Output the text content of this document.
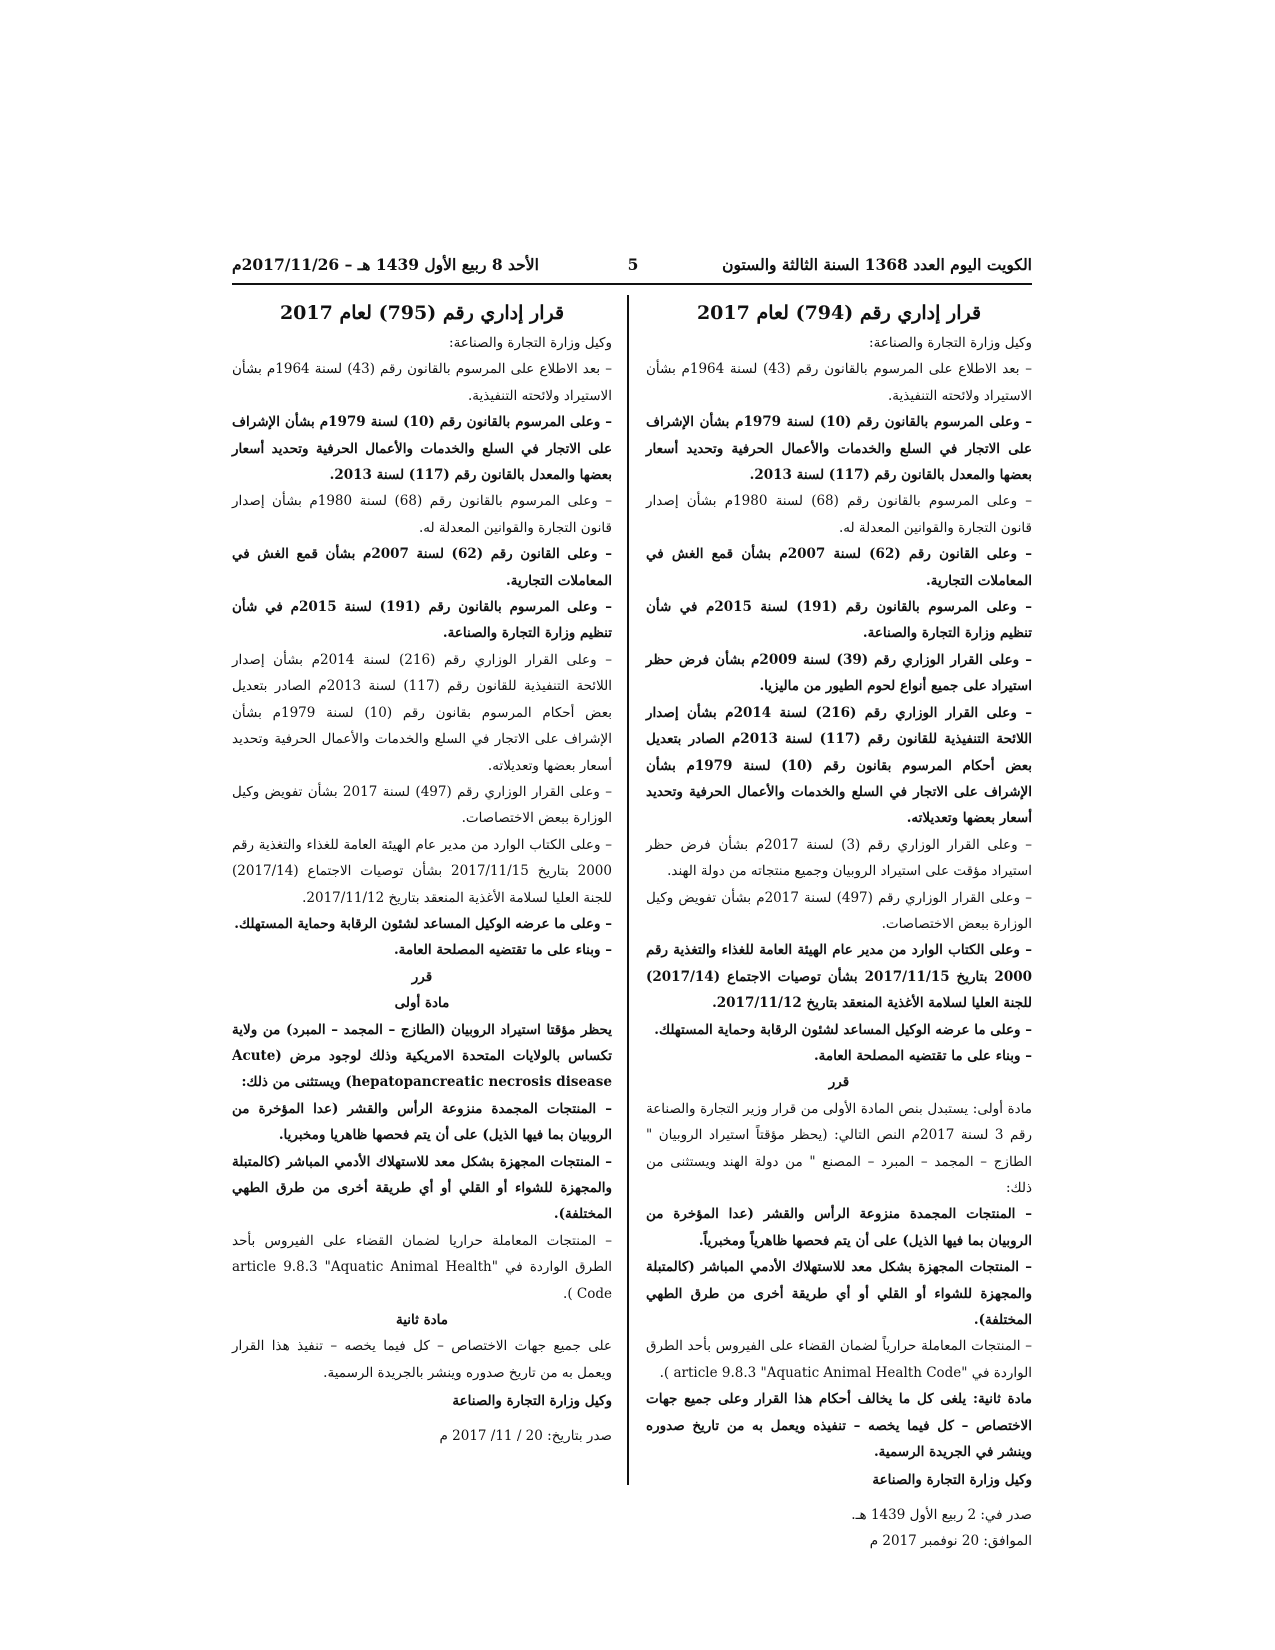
الكويت اليوم العدد 1368 السنة الثالثة والستون
5
الأحد 8 ربيع الأول 1439 هـ – 2017/11/26م

قرار إداري رقم (794) لعام 2017

وكيل وزارة التجارة والصناعة:

– بعد الاطلاع على المرسوم بالقانون رقم (43) لسنة 1964م بشأن الاستيراد ولائحته التنفيذية.

– وعلى المرسوم بالقانون رقم (10) لسنة 1979م بشأن الإشراف على الاتجار في السلع والخدمات والأعمال الحرفية وتحديد أسعار بعضها والمعدل بالقانون رقم (117) لسنة 2013.

– وعلى المرسوم بالقانون رقم (68) لسنة 1980م بشأن إصدار قانون التجارة والقوانين المعدلة له.

– وعلى القانون رقم (62) لسنة 2007م بشأن قمع الغش في المعاملات التجارية.

– وعلى المرسوم بالقانون رقم (191) لسنة 2015م في شأن تنظيم وزارة التجارة والصناعة.

– وعلى القرار الوزاري رقم (39) لسنة 2009م بشأن فرض حظر استيراد على جميع أنواع لحوم الطيور من ماليزيا.

– وعلى القرار الوزاري رقم (216) لسنة 2014م بشأن إصدار اللائحة التنفيذية للقانون رقم (117) لسنة 2013م الصادر بتعديل بعض أحكام المرسوم بقانون رقم (10) لسنة 1979م بشأن الإشراف على الاتجار في السلع والخدمات والأعمال الحرفية وتحديد أسعار بعضها وتعديلاته.

– وعلى القرار الوزاري رقم (3) لسنة 2017م بشأن فرض حظر استيراد مؤقت على استيراد الروبيان وجميع منتجاته من دولة الهند.

– وعلى القرار الوزاري رقم (497) لسنة 2017م بشأن تفويض وكيل الوزارة ببعض الاختصاصات.

– وعلى الكتاب الوارد من مدير عام الهيئة العامة للغذاء والتغذية رقم 2000 بتاريخ 2017/11/15 بشأن توصيات الاجتماع (2017/14) للجنة العليا لسلامة الأغذية المنعقد بتاريخ 2017/11/12.

– وعلى ما عرضه الوكيل المساعد لشئون الرقابة وحماية المستهلك.

– وبناء على ما تقتضيه المصلحة العامة.

قرر

مادة أولى: يستبدل بنص المادة الأولى من قرار وزير التجارة والصناعة رقم 3 لسنة 2017م النص التالي: (يحظر مؤقتاً استيراد الروبيان " الطازج – المجمد – المبرد – المصنع " من دولة الهند ويستثنى من ذلك:

– المنتجات المجمدة منزوعة الرأس والقشر (عدا المؤخرة من الروبيان بما فيها الذيل) على أن يتم فحصها ظاهرياً ومخبرياً.

– المنتجات المجهزة بشكل معد للاستهلاك الأدمي المباشر (كالمتبلة والمجهزة للشواء أو القلي أو أي طريقة أخرى من طرق الطهي المختلفة).

– المنتجات المعاملة حرارياً لضمان القضاء على الفيروس بأحد الطرق الواردة في "article 9.8.3 "Aquatic Animal Health Code ).

مادة ثانية: يلغى كل ما يخالف أحكام هذا القرار وعلى جميع جهات الاختصاص – كل فيما يخصه – تنفيذه ويعمل به من تاريخ صدوره وينشر في الجريدة الرسمية.

وكيل وزارة التجارة والصناعة

صدر في: 2 ربيع الأول 1439 هـ.

الموافق: 20 نوفمبر 2017 م

قرار إداري رقم (795) لعام 2017

وكيل وزارة التجارة والصناعة:

– بعد الاطلاع على المرسوم بالقانون رقم (43) لسنة 1964م بشأن الاستيراد ولائحته التنفيذية.

– وعلى المرسوم بالقانون رقم (10) لسنة 1979م بشأن الإشراف على الاتجار في السلع والخدمات والأعمال الحرفية وتحديد أسعار بعضها والمعدل بالقانون رقم (117) لسنة 2013.

– وعلى المرسوم بالقانون رقم (68) لسنة 1980م بشأن إصدار قانون التجارة والقوانين المعدلة له.

– وعلى القانون رقم (62) لسنة 2007م بشأن قمع الغش في المعاملات التجارية.

– وعلى المرسوم بالقانون رقم (191) لسنة 2015م في شأن تنظيم وزارة التجارة والصناعة.

– وعلى القرار الوزاري رقم (216) لسنة 2014م بشأن إصدار اللائحة التنفيذية للقانون رقم (117) لسنة 2013م الصادر بتعديل بعض أحكام المرسوم بقانون رقم (10) لسنة 1979م بشأن الإشراف على الاتجار في السلع والخدمات والأعمال الحرفية وتحديد أسعار بعضها وتعديلاته.

– وعلى القرار الوزاري رقم (497) لسنة 2017 بشأن تفويض وكيل الوزارة ببعض الاختصاصات.

– وعلى الكتاب الوارد من مدير عام الهيئة العامة للغذاء والتغذية رقم 2000 بتاريخ 2017/11/15 بشأن توصيات الاجتماع (2017/14) للجنة العليا لسلامة الأغذية المنعقد بتاريخ 2017/11/12.

– وعلى ما عرضه الوكيل المساعد لشئون الرقابة وحماية المستهلك.

– وبناء على ما تقتضيه المصلحة العامة.

قرر

مادة أولى

يحظر مؤقتا استيراد الروبيان (الطازج – المجمد – المبرد) من ولاية تكساس بالولايات المتحدة الامريكية وذلك لوجود مرض (Acute hepatopancreatic necrosis disease) ويستثنى من ذلك:

– المنتجات المجمدة منزوعة الرأس والقشر (عدا المؤخرة من الروبيان بما فيها الذيل) على أن يتم فحصها ظاهريا ومخبريا.

– المنتجات المجهزة بشكل معد للاستهلاك الأدمي المباشر (كالمتبلة والمجهزة للشواء أو القلي أو أي طريقة أخرى من طرق الطهي المختلفة).

– المنتجات المعاملة حراريا لضمان القضاء على الفيروس بأحد الطرق الواردة في "article 9.8.3 "Aquatic Animal Health Code ).

مادة ثانية

على جميع جهات الاختصاص – كل فيما يخصه – تنفيذ هذا القرار ويعمل به من تاريخ صدوره وينشر بالجريدة الرسمية.

وكيل وزارة التجارة والصناعة

صدر بتاريخ: 20 / 11/ 2017 م
